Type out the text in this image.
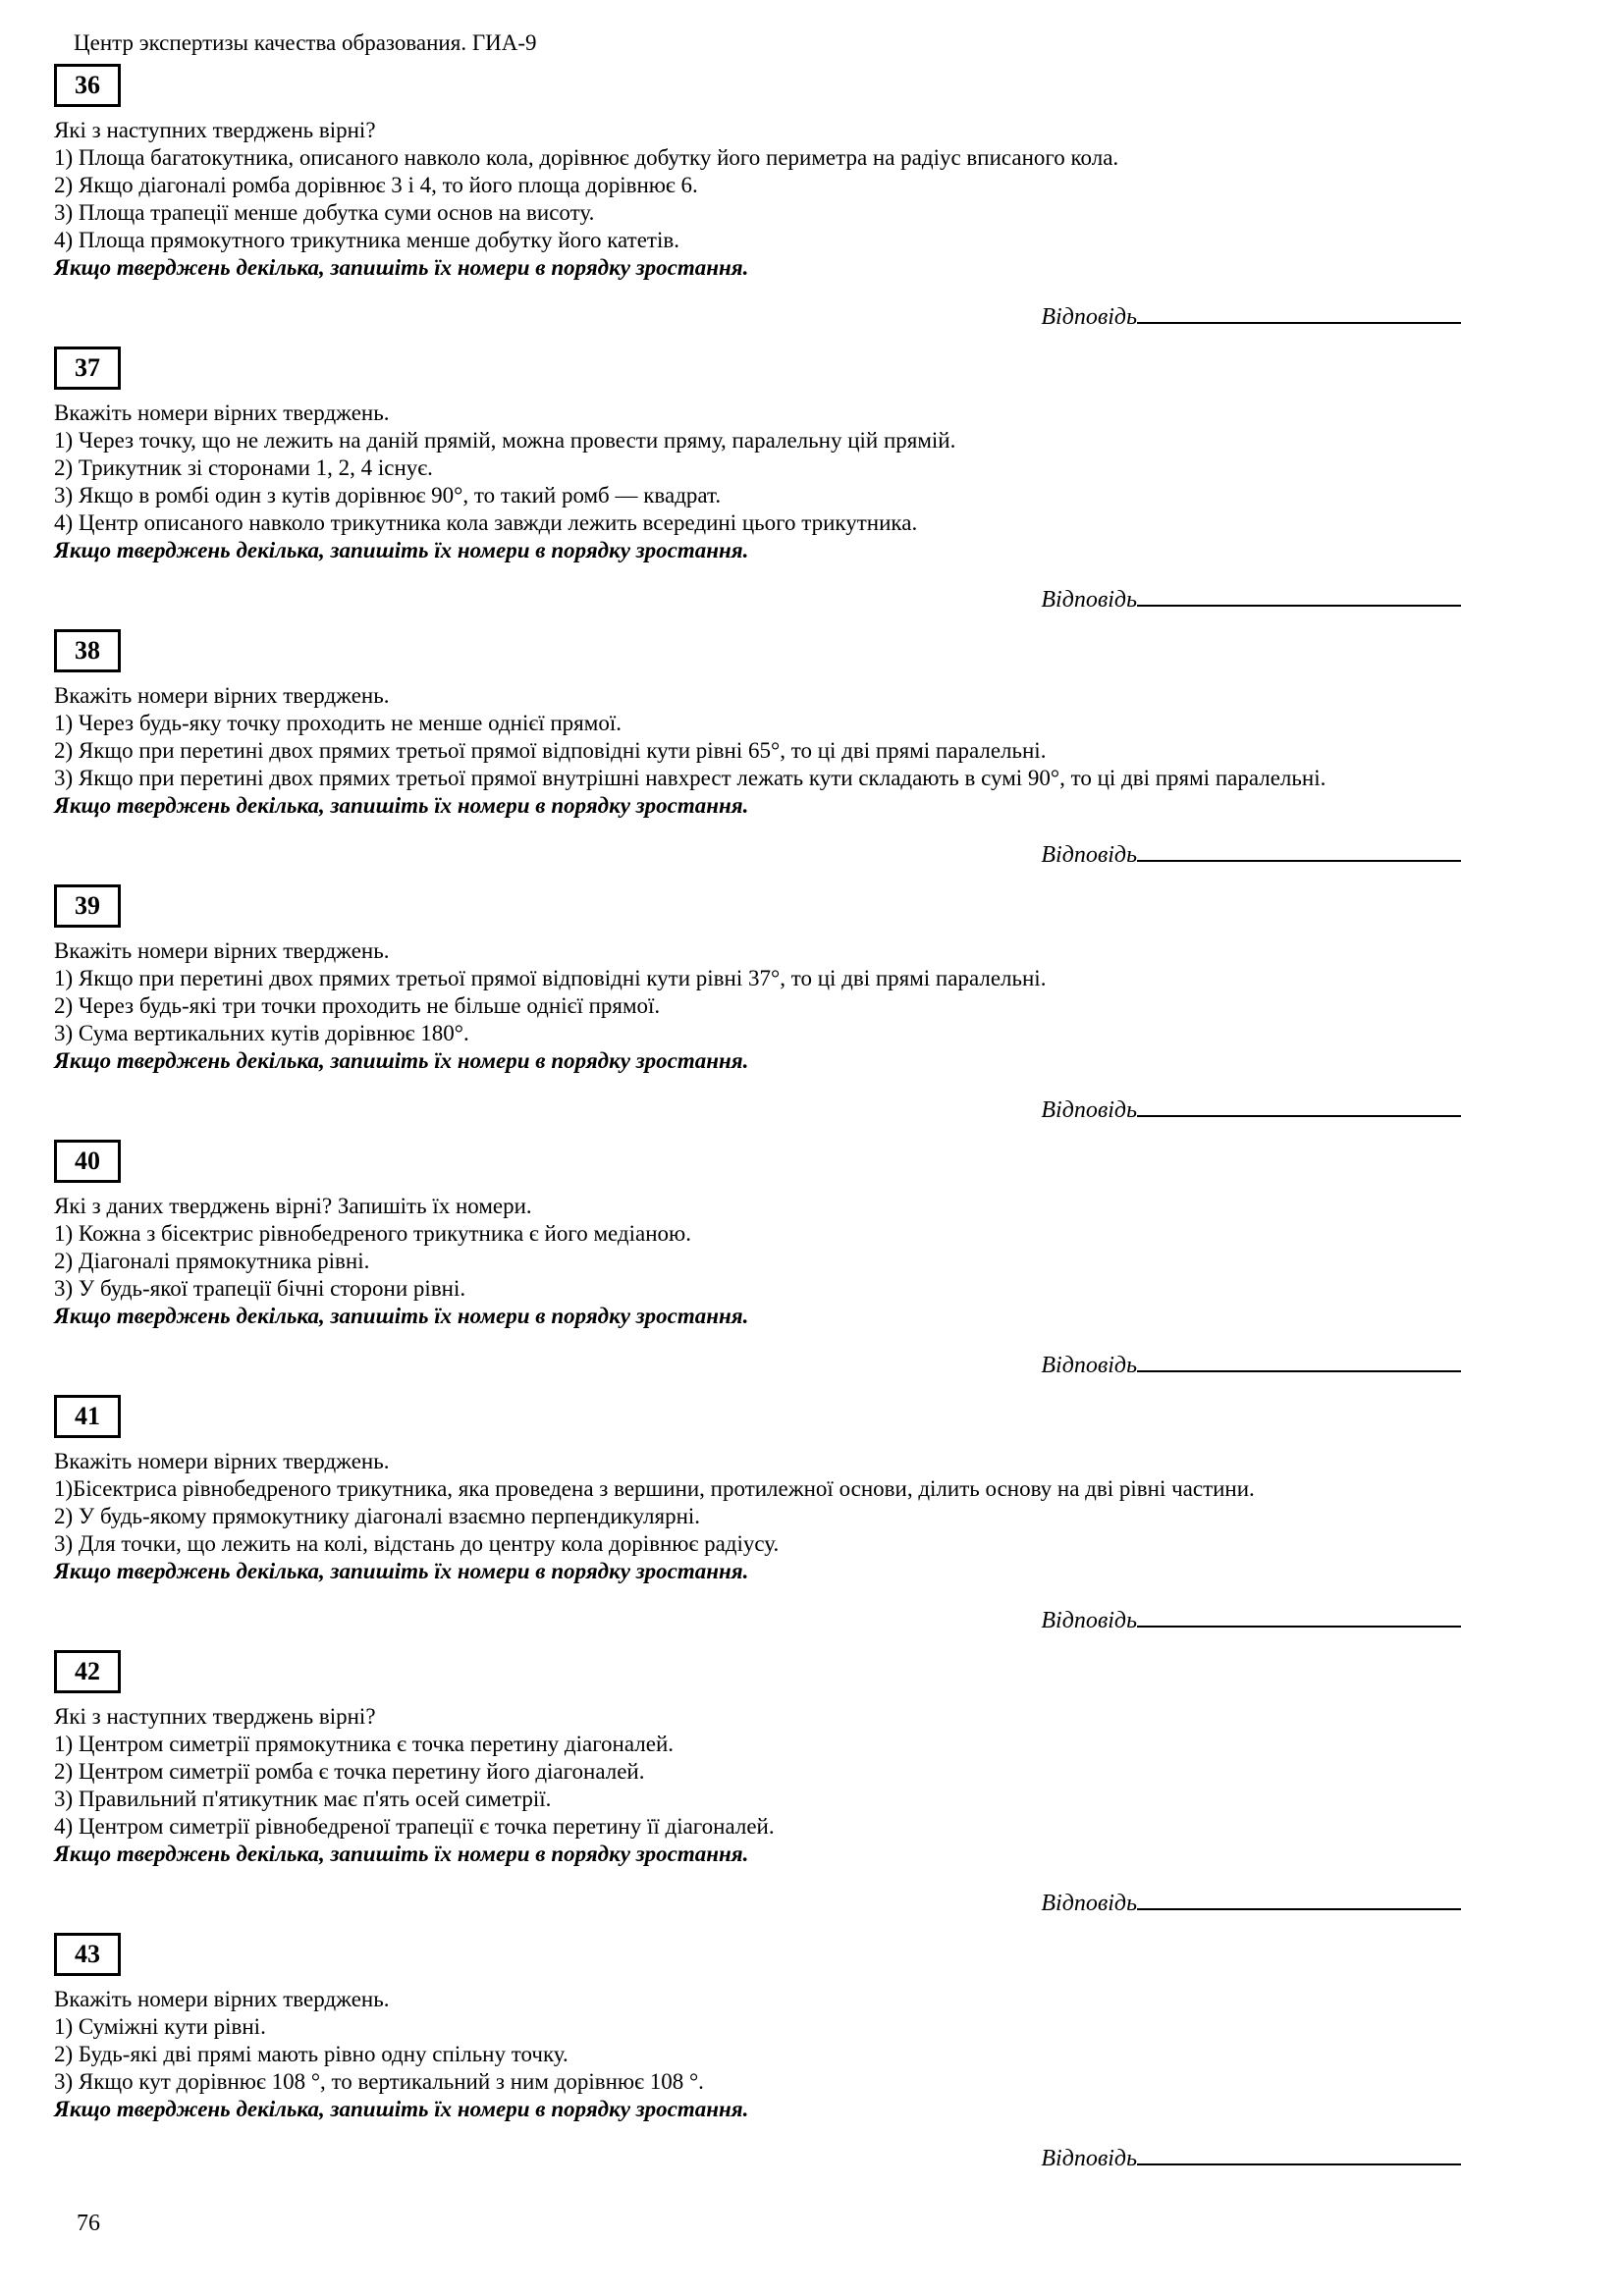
Центр экспертизы качества образования. ГИА-9
36
Які з наступних тверджень вірні?
1) Площа багатокутника, описаного навколо кола, дорівнює добутку його периметра на радіус вписаного кола.
2) Якщо діагоналі ромба дорівнює 3 і 4, то його площа дорівнює 6.
3) Площа трапеції менше добутка суми основ на висоту.
4) Площа прямокутного трикутника менше добутку його катетів.
Якщо тверджень декілька, запишіть їх номери в порядку зростання.
Відповідь
37
Вкажіть номери вірних тверджень.
1) Через точку, що не лежить на даній прямій, можна провести пряму, паралельну цій прямій.
2) Трикутник зі сторонами 1, 2, 4 існує.
3) Якщо в ромбі один з кутів дорівнює 90°, то такий ромб — квадрат.
4) Центр описаного навколо трикутника кола завжди лежить всередині цього трикутника.
Якщо тверджень декілька, запишіть їх номери в порядку зростання.
Відповідь
38
Вкажіть номери вірних тверджень.
1) Через будь-яку точку проходить не менше однієї прямої.
2) Якщо при перетині двох прямих третьої прямої відповідні кути рівні 65°, то ці дві прямі паралельні.
3) Якщо при перетині двох прямих третьої прямої внутрішні навхрест лежать кути складають в сумі 90°, то ці дві прямі паралельні.
Якщо тверджень декілька, запишіть їх номери в порядку зростання.
Відповідь
39
Вкажіть номери вірних тверджень.
1) Якщо при перетині двох прямих третьої прямої відповідні кути рівні 37°, то ці дві прямі паралельні.
2) Через будь-які три точки проходить не більше однієї прямої.
3) Сума вертикальних кутів дорівнює 180°.
Якщо тверджень декілька, запишіть їх номери в порядку зростання.
Відповідь
40
Які з даних тверджень вірні? Запишіть їх номери.
1) Кожна з бісектрис рівнобедреного трикутника є його медіаною.
2) Діагоналі прямокутника рівні.
3) У будь-якої трапеції бічні сторони рівні.
Якщо тверджень декілька, запишіть їх номери в порядку зростання.
Відповідь
41
Вкажіть номери вірних тверджень.
1)Бісектриса рівнобедреного трикутника, яка проведена з вершини, протилежної основи, ділить основу на дві рівні частини.
2) У будь-якому прямокутнику діагоналі взаємно перпендикулярні.
3) Для точки, що лежить на колі, відстань до центру кола дорівнює радіусу.
Якщо тверджень декілька, запишіть їх номери в порядку зростання.
Відповідь
42
Які з наступних тверджень вірні?
1) Центром симетрії прямокутника є точка перетину діагоналей.
2) Центром симетрії ромба є точка перетину його діагоналей.
3) Правильний п'ятикутник має п'ять осей симетрії.
4) Центром симетрії рівнобедреної трапеції є точка перетину її діагоналей.
Якщо тверджень декілька, запишіть їх номери в порядку зростання.
Відповідь
43
Вкажіть номери вірних тверджень.
1) Суміжні кути рівні.
2) Будь-які дві прямі мають рівно одну спільну точку.
3) Якщо кут дорівнює 108 °, то вертикальний з ним дорівнює 108 °.
Якщо тверджень декілька, запишіть їх номери в порядку зростання.
Відповідь
76
